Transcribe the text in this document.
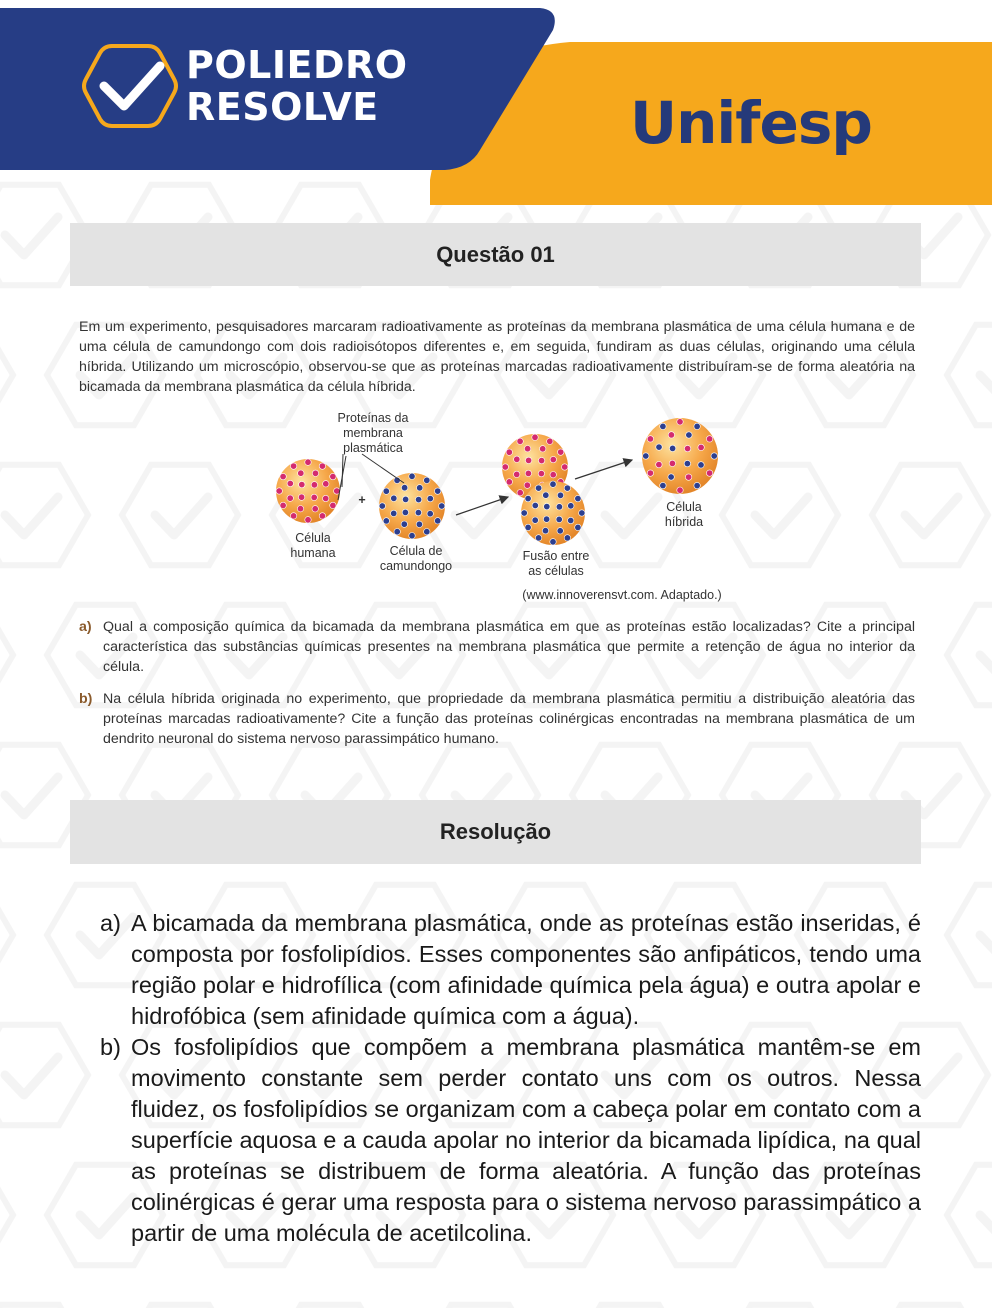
POLIEDRO
RESOLVE	Unifesp
Questão 01

Em um experimento, pesquisadores marcaram radioativamente as proteínas da membrana plasmática de uma célula humana e de uma célula de camundongo com dois radioisótopos diferentes e, em seguida, fundiram as duas células, originando uma célula híbrida. Utilizando um microscópio, observou-se que as proteínas marcadas radioativamente distribuíram-se de forma aleatória na bicamada da membrana plasmática da célula híbrida.

Proteínas da
membrana
plasmática
+
Célula
humana	Célula de
camundongo
Fusão entre
as células
Célula
híbrida
(www.innoverensvt.com. Adaptado.)
a) Qual a composição química da bicamada da membrana plasmática em que as proteínas estão localizadas? Cite a principal característica das substâncias químicas presentes na membrana plasmática que permite a retenção de água no interior da célula.
b) Na célula híbrida originada no experimento, que propriedade da membrana plasmática permitiu a distribuição aleatória das proteínas marcadas radioativamente? Cite a função das proteínas colinérgicas encontradas na membrana plasmática de um dendrito neuronal do sistema nervoso parassimpático humano.
Resolução
a) A bicamada da membrana plasmática, onde as proteínas estão inseridas, é composta por fosfolipídios. Esses componentes são anfipáticos, tendo uma região polar e hidrofílica (com afinidade química pela água) e outra apolar e hidrofóbica (sem afinidade química com a água).
b) Os fosfolipídios que compõem a membrana plasmática mantêm-se em movimento constante sem perder contato uns com os outros. Nessa fluidez, os fosfolipídios se organizam com a cabeça polar em contato com a superfície aquosa e a cauda apolar no interior da bicamada lipídica, na qual as proteínas se distribuem de forma aleatória. A função das proteínas colinérgicas é gerar uma resposta para o sistema nervoso parassimpático a partir de uma molécula de acetilcolina.
